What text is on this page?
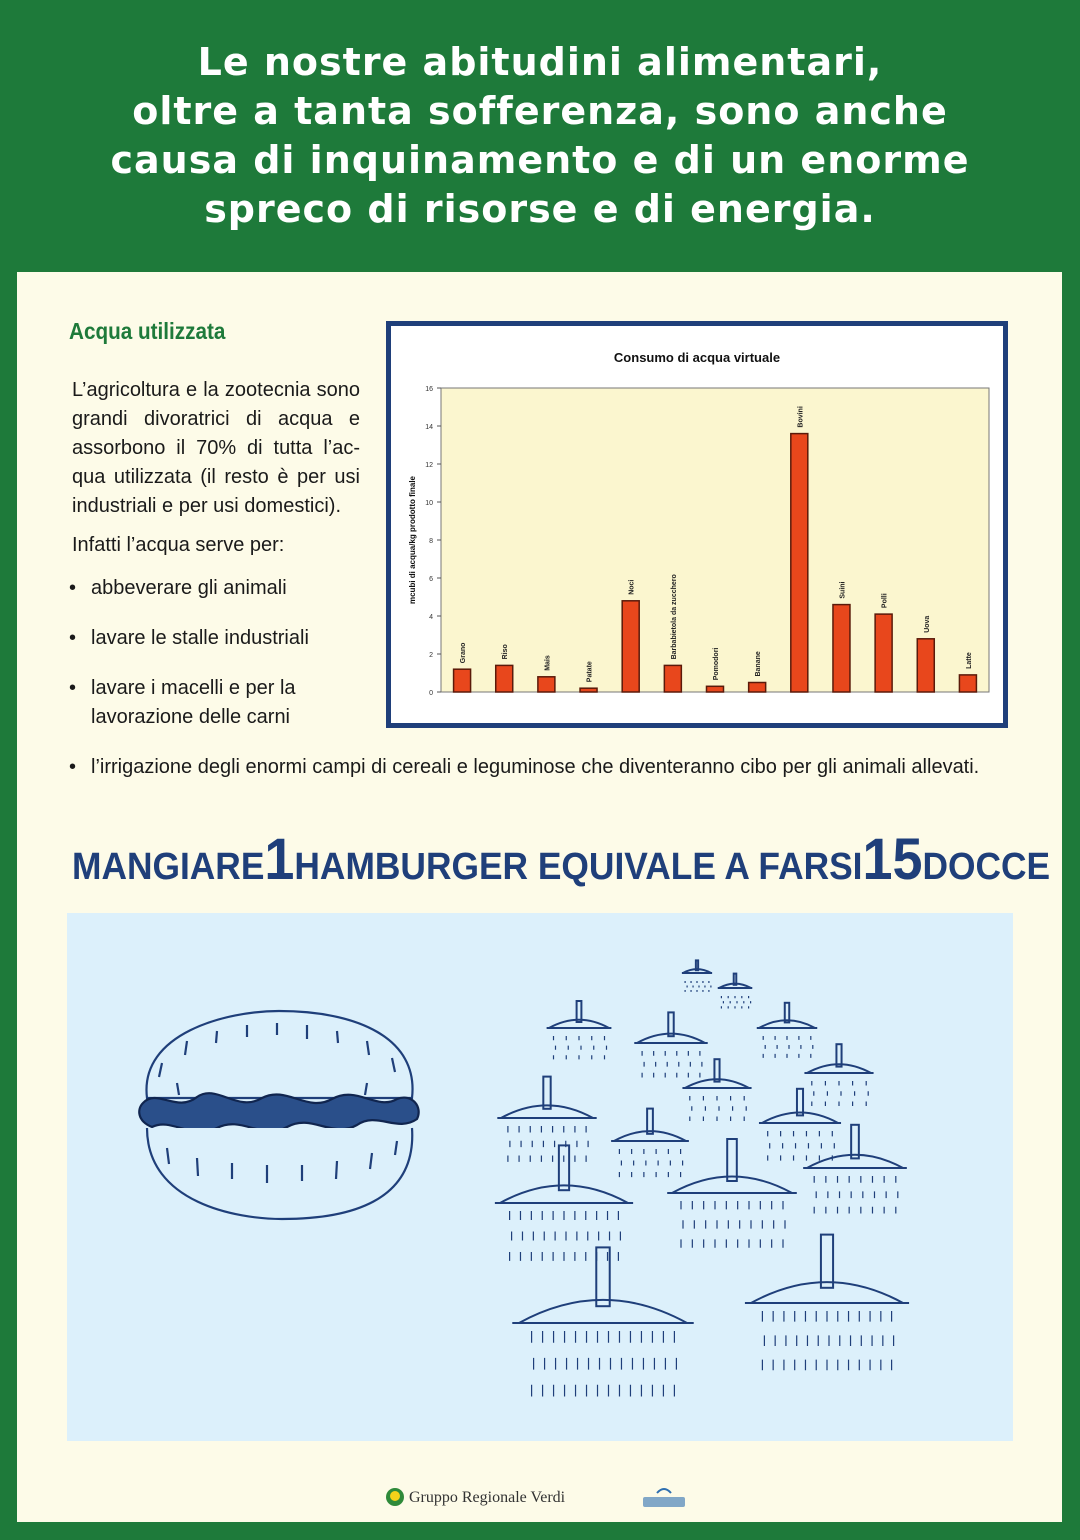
Le nostre abitudini alimentari,
oltre a tanta sofferenza, sono anche
causa di inquinamento e di un enorme
spreco di risorse e di energia.
Acqua utilizzata

L’agricoltura e la zootecnia sono grandi divoratrici di acqua e assorbono il 70% di tutta l’ac-qua utilizzata (il resto è per usi industriali e per usi domestici).

Infatti l’acqua serve per:

• abbeverare gli animali
• lavare le stalle industriali
• lavare i macelli e per la lavorazione delle carni
• l’irrigazione degli enormi campi di cereali e leguminose che diventeranno cibo per gli animali allevati.
Consumo di acqua virtuale
mcubi di acqua/kg prodotto finale
0
2
4
6
8
10
12
14
16
Grano	Riso
Mais	Patate
Noci	Barbabietola da zucchero
Pomodori	Banane
Bovini
Suini
Polli
Uova
Latte
MANGIARE 1 HAMBURGER EQUIVALE A FARSI 15 DOCCE
Gruppo Regionale Verdi
